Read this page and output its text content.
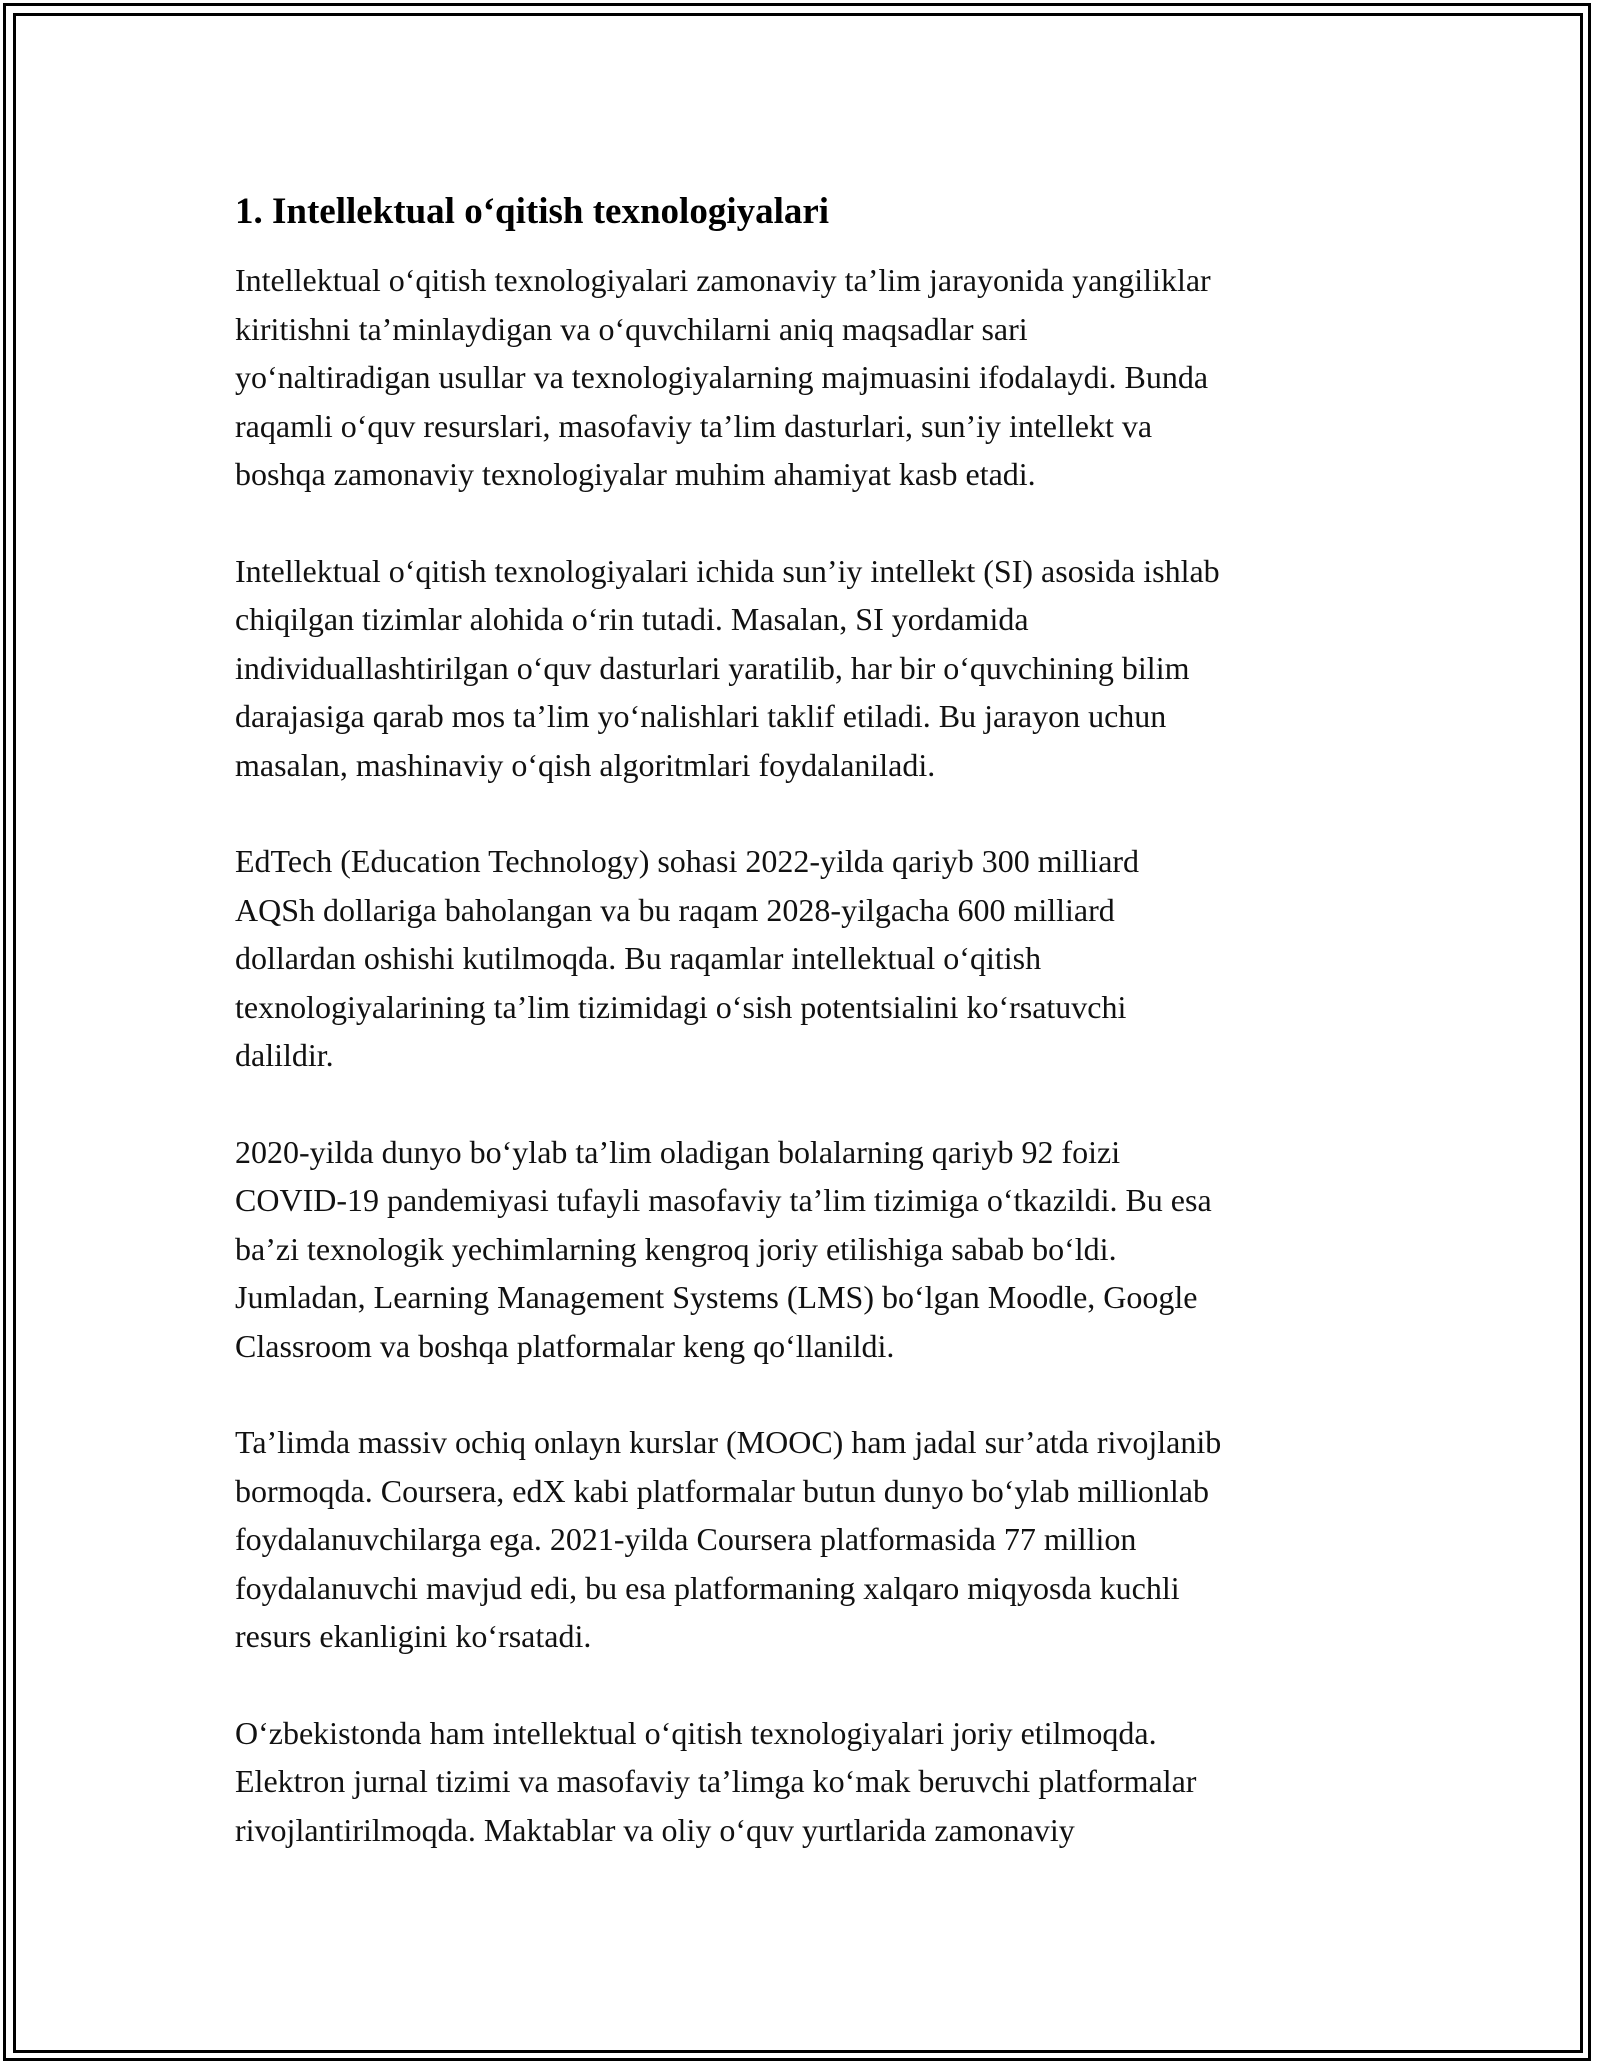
1. Intellektual o‘qitish texnologiyalari

Intellektual o‘qitish texnologiyalari zamonaviy ta’lim jarayonida yangiliklar
kiritishni ta’minlaydigan va o‘quvchilarni aniq maqsadlar sari
yo‘naltiradigan usullar va texnologiyalarning majmuasini ifodalaydi. Bunda
raqamli o‘quv resurslari, masofaviy ta’lim dasturlari, sun’iy intellekt va
boshqa zamonaviy texnologiyalar muhim ahamiyat kasb etadi.

Intellektual o‘qitish texnologiyalari ichida sun’iy intellekt (SI) asosida ishlab
chiqilgan tizimlar alohida o‘rin tutadi. Masalan, SI yordamida
individuallashtirilgan o‘quv dasturlari yaratilib, har bir o‘quvchining bilim
darajasiga qarab mos ta’lim yo‘nalishlari taklif etiladi. Bu jarayon uchun
masalan, mashinaviy o‘qish algoritmlari foydalaniladi.

EdTech (Education Technology) sohasi 2022-yilda qariyb 300 milliard
AQSh dollariga baholangan va bu raqam 2028-yilgacha 600 milliard
dollardan oshishi kutilmoqda. Bu raqamlar intellektual o‘qitish
texnologiyalarining ta’lim tizimidagi o‘sish potentsialini ko‘rsatuvchi
dalildir.

2020-yilda dunyo bo‘ylab ta’lim oladigan bolalarning qariyb 92 foizi
COVID-19 pandemiyasi tufayli masofaviy ta’lim tizimiga o‘tkazildi. Bu esa
ba’zi texnologik yechimlarning kengroq joriy etilishiga sabab bo‘ldi.
Jumladan, Learning Management Systems (LMS) bo‘lgan Moodle, Google
Classroom va boshqa platformalar keng qo‘llanildi.

Ta’limda massiv ochiq onlayn kurslar (MOOC) ham jadal sur’atda rivojlanib
bormoqda. Coursera, edX kabi platformalar butun dunyo bo‘ylab millionlab
foydalanuvchilarga ega. 2021-yilda Coursera platformasida 77 million
foydalanuvchi mavjud edi, bu esa platformaning xalqaro miqyosda kuchli
resurs ekanligini ko‘rsatadi.

O‘zbekistonda ham intellektual o‘qitish texnologiyalari joriy etilmoqda.
Elektron jurnal tizimi va masofaviy ta’limga ko‘mak beruvchi platformalar
rivojlantirilmoqda. Maktablar va oliy o‘quv yurtlarida zamonaviy
